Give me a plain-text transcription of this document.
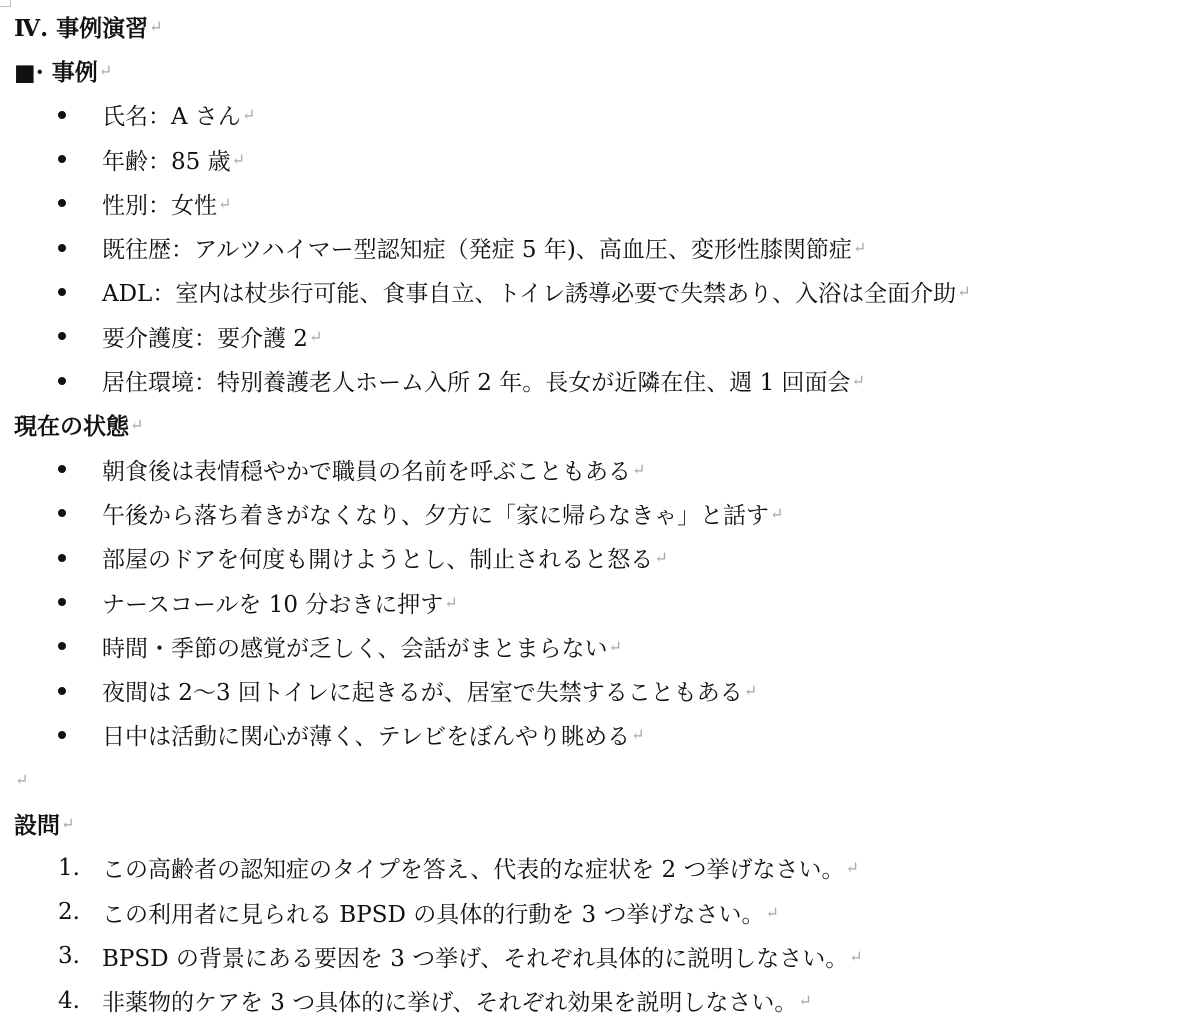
Ⅳ. 事例演習 ↵
■· 事例 ↵
氏名：A さん ↵
年齢：85 歳 ↵
性別：女性 ↵
既往歴：アルツハイマー型認知症（発症 5 年)、高血圧、変形性膝関節症 ↵
ADL：室内は杖歩行可能、食事自立、トイレ誘導必要で失禁あり、入浴は全面介助 ↵
要介護度：要介護 2 ↵
居住環境：特別養護老人ホーム入所 2 年。長女が近隣在住、週 1 回面会 ↵
現在の状態 ↵
朝食後は表情穏やかで職員の名前を呼ぶこともある ↵
午後から落ち着きがなくなり、夕方に「家に帰らなきゃ」と話す ↵
部屋のドアを何度も開けようとし、制止されると怒る ↵
ナースコールを 10 分おきに押す ↵
時間・季節の感覚が乏しく、会話がまとまらない ↵
夜間は 2～3 回トイレに起きるが、居室で失禁することもある ↵
日中は活動に関心が薄く、テレビをぼんやり眺める ↵
↵
設問 ↵
1. この高齢者の認知症のタイプを答え、代表的な症状を 2 つ挙げなさい。 ↵
2. この利用者に見られる BPSD の具体的行動を 3 つ挙げなさい。 ↵
3. BPSD の背景にある要因を 3 つ挙げ、それぞれ具体的に説明しなさい。 ↵
4. 非薬物的ケアを 3 つ具体的に挙げ、それぞれ効果を説明しなさい。 ↵
